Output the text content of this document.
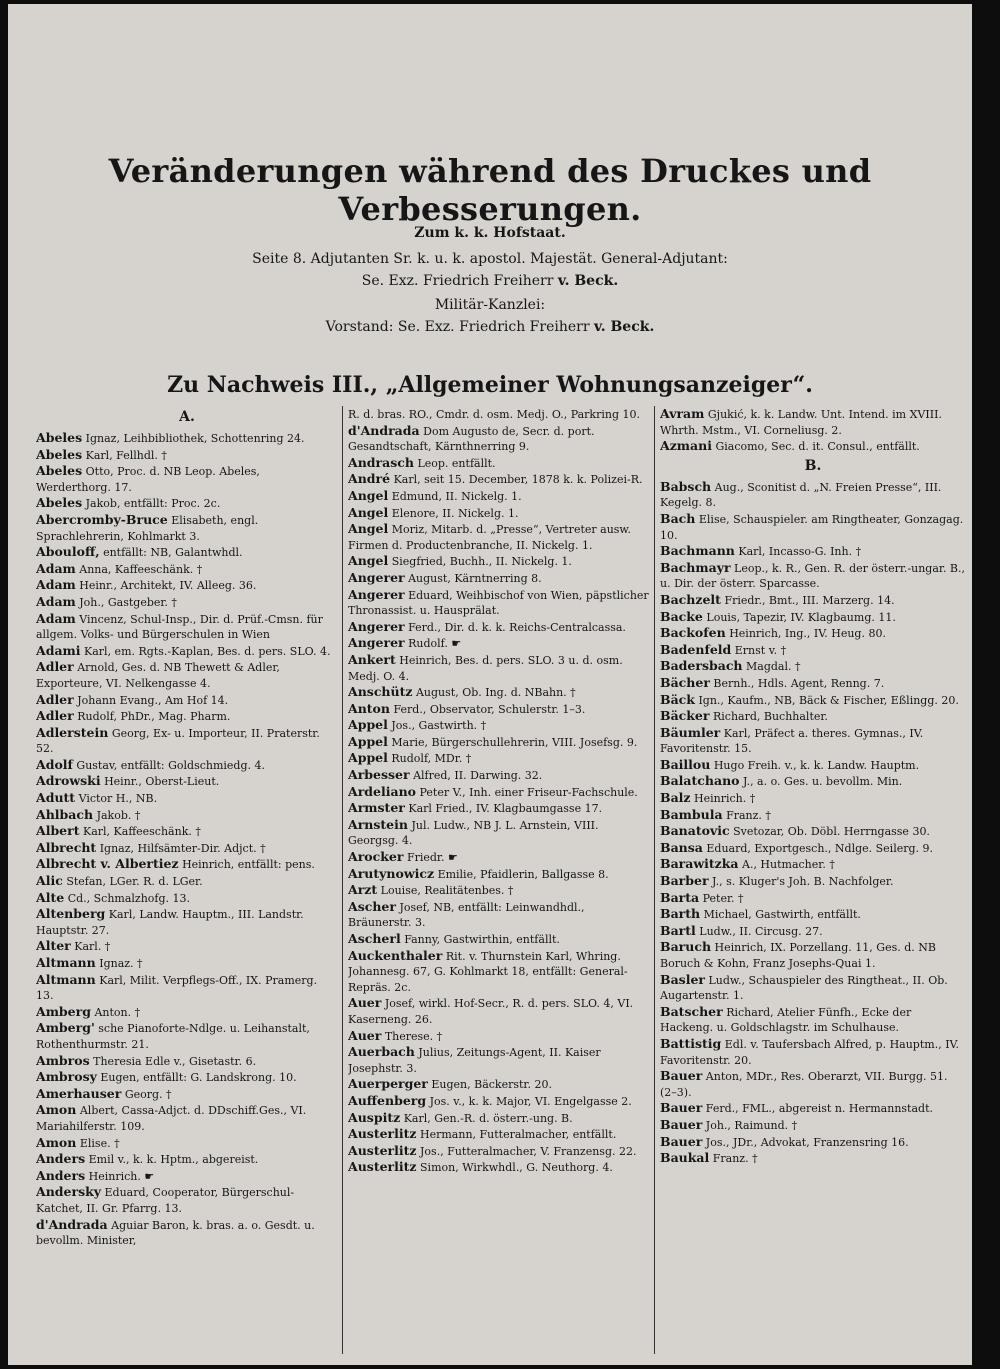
Veränderungen während des Druckes und Verbesserungen.
Zum k. k. Hofstaat.
Seite 8. Adjutanten Sr. k. u. k. apostol. Majestät. General-Adjutant:
Se. Exz. Friedrich Freiherr v. Beck.
Militär-Kanzlei:
Vorstand: Se. Exz. Friedrich Freiherr v. Beck.
Zu Nachweis III., „Allgemeiner Wohnungsanzeiger“.
A.
Abeles Ignaz, Leihbibliothek, Schottenring 24.
Abeles Karl, Fellhdl. †
Abeles Otto, Proc. d. NB Leop. Abeles, Werderthorg. 17.
Abeles Jakob, entfällt: Proc. 2c.
Abercromby-Bruce Elisabeth, engl. Sprachlehrerin, Kohlmarkt 3.
Abouloff, entfällt: NB, Galantwhdl.
Adam Anna, Kaffeeschänk. †
Adam Heinr., Architekt, IV. Alleeg. 36.
Adam Joh., Gastgeber. †
Adam Vincenz, Schul-Insp., Dir. d. Prüf.-Cmsn. für allgem. Volks- und Bürgerschulen in Wien
Adami Karl, em. Rgts.-Kaplan, Bes. d. pers. SLO. 4.
Adler Arnold, Ges. d. NB Thewett & Adler, Exporteure, VI. Nelkengasse 4.
Adler Johann Evang., Am Hof 14.
Adler Rudolf, PhDr., Mag. Pharm.
Adlerstein Georg, Ex- u. Importeur, II. Praterstr. 52.
Adolf Gustav, entfällt: Goldschmiedg. 4.
Adrowski Heinr., Oberst-Lieut.
Adutt Victor H., NB.
Ahlbach Jakob. †
Albert Karl, Kaffeeschänk. †
Albrecht Ignaz, Hilfsämter-Dir. Adjct. †
Albrecht v. Albertiez Heinrich, entfällt: pens.
Alic Stefan, LGer. R. d. LGer.
Alte Cd., Schmalzhofg. 13.
Altenberg Karl, Landw. Hauptm., III. Landstr. Hauptstr. 27.
Alter Karl. †
Altmann Ignaz. †
Altmann Karl, Milit. Verpflegs-Off., IX. Pramerg. 13.
Amberg Anton. †
Amberg' sche Pianoforte-Ndlge. u. Leihanstalt, Rothenthurmstr. 21.
Ambros Theresia Edle v., Gisetastr. 6.
Ambrosy Eugen, entfällt: G. Landskrong. 10.
Amerhauser Georg. †
Amon Albert, Cassa-Adjct. d. DDschiff.Ges., VI. Mariahilferstr. 109.
Amon Elise. †
Anders Emil v., k. k. Hptm., abgereist.
Anders Heinrich. ☛
Andersky Eduard, Cooperator, Bürgerschul-Katchet, II. Gr. Pfarrg. 13.
d'Andrada Aguiar Baron, k. bras. a. o. Gesdt. u. bevollm. Minister,
R. d. bras. RO., Cmdr. d. osm. Medj. O., Parkring 10.
d'Andrada Dom Augusto de, Secr. d. port. Gesandtschaft, Kärnthnerring 9.
Andrasch Leop. entfällt.
André Karl, seit 15. December, 1878 k. k. Polizei-R.
Angel Edmund, II. Nickelg. 1.
Angel Elenore, II. Nickelg. 1.
Angel Moriz, Mitarb. d. „Presse“, Vertreter ausw. Firmen d. Productenbranche, II. Nickelg. 1.
Angel Siegfried, Buchh., II. Nickelg. 1.
Angerer August, Kärntnerring 8.
Angerer Eduard, Weihbischof von Wien, päpstlicher Thronassist. u. Hausprälat.
Angerer Ferd., Dir. d. k. k. Reichs-Centralcassa.
Angerer Rudolf. ☛
Ankert Heinrich, Bes. d. pers. SLO. 3 u. d. osm. Medj. O. 4.
Anschütz August, Ob. Ing. d. NBahn. †
Anton Ferd., Observator, Schulerstr. 1–3.
Appel Jos., Gastwirth. †
Appel Marie, Bürgerschullehrerin, VIII. Josefsg. 9.
Appel Rudolf, MDr. †
Arbesser Alfred, II. Darwing. 32.
Ardeliano Peter V., Inh. einer Friseur-Fachschule.
Armster Karl Fried., IV. Klagbaumgasse 17.
Arnstein Jul. Ludw., NB J. L. Arnstein, VIII. Georgsg. 4.
Arocker Friedr. ☛
Arutynowicz Emilie, Pfaidlerin, Ballgasse 8.
Arzt Louise, Realitätenbes. †
Ascher Josef, NB, entfällt: Leinwandhdl., Bräunerstr. 3.
Ascherl Fanny, Gastwirthin, entfällt.
Auckenthaler Rit. v. Thurnstein Karl, Whring. Johannesg. 67, G. Kohlmarkt 18, entfällt: General-Repräs. 2c.
Auer Josef, wirkl. Hof-Secr., R. d. pers. SLO. 4, VI. Kaserneng. 26.
Auer Therese. †
Auerbach Julius, Zeitungs-Agent, II. Kaiser Josephstr. 3.
Auerperger Eugen, Bäckerstr. 20.
Auffenberg Jos. v., k. k. Major, VI. Engelgasse 2.
Auspitz Karl, Gen.-R. d. österr.-ung. B.
Austerlitz Hermann, Futteralmacher, entfällt.
Austerlitz Jos., Futteralmacher, V. Franzensg. 22.
Austerlitz Simon, Wirkwhdl., G. Neuthorg. 4.
Avram Gjukić, k. k. Landw. Unt. Intend. im XVIII. Whrth. Mstm., VI. Corneliusg. 2.
Azmani Giacomo, Sec. d. it. Consul., entfällt.
B.
Babsch Aug., Sconitist d. „N. Freien Presse“, III. Kegelg. 8.
Bach Elise, Schauspieler. am Ringtheater, Gonzagag. 10.
Bachmann Karl, Incasso-G. Inh. †
Bachmayr Leop., k. R., Gen. R. der österr.-ungar. B., u. Dir. der österr. Sparcasse.
Bachzelt Friedr., Bmt., III. Marzerg. 14.
Backe Louis, Tapezir, IV. Klagbaumg. 11.
Backofen Heinrich, Ing., IV. Heug. 80.
Badenfeld Ernst v. †
Badersbach Magdal. †
Bächer Bernh., Hdls. Agent, Renng. 7.
Bäck Ign., Kaufm., NB, Bäck & Fischer, Eßlingg. 20.
Bäcker Richard, Buchhalter.
Bäumler Karl, Präfect a. theres. Gymnas., IV. Favoritenstr. 15.
Baillou Hugo Freih. v., k. k. Landw. Hauptm.
Balatchano J., a. o. Ges. u. bevollm. Min.
Balz Heinrich. †
Bambula Franz. †
Banatovic Svetozar, Ob. Döbl. Herrngasse 30.
Bansa Eduard, Exportgesch., Ndlge. Seilerg. 9.
Barawitzka A., Hutmacher. †
Barber J., s. Kluger's Joh. B. Nachfolger.
Barta Peter. †
Barth Michael, Gastwirth, entfällt.
Bartl Ludw., II. Circusg. 27.
Baruch Heinrich, IX. Porzellang. 11, Ges. d. NB Boruch & Kohn, Franz Josephs-Quai 1.
Basler Ludw., Schauspieler des Ringtheat., II. Ob. Augartenstr. 1.
Batscher Richard, Atelier Fünfh., Ecke der Hackeng. u. Goldschlagstr. im Schulhause.
Battistig Edl. v. Taufersbach Alfred, p. Hauptm., IV. Favoritenstr. 20.
Bauer Anton, MDr., Res. Oberarzt, VII. Burgg. 51. (2–3).
Bauer Ferd., FML., abgereist n. Hermannstadt.
Bauer Joh., Raimund. †
Bauer Jos., JDr., Advokat, Franzensring 16.
Baukal Franz. †
